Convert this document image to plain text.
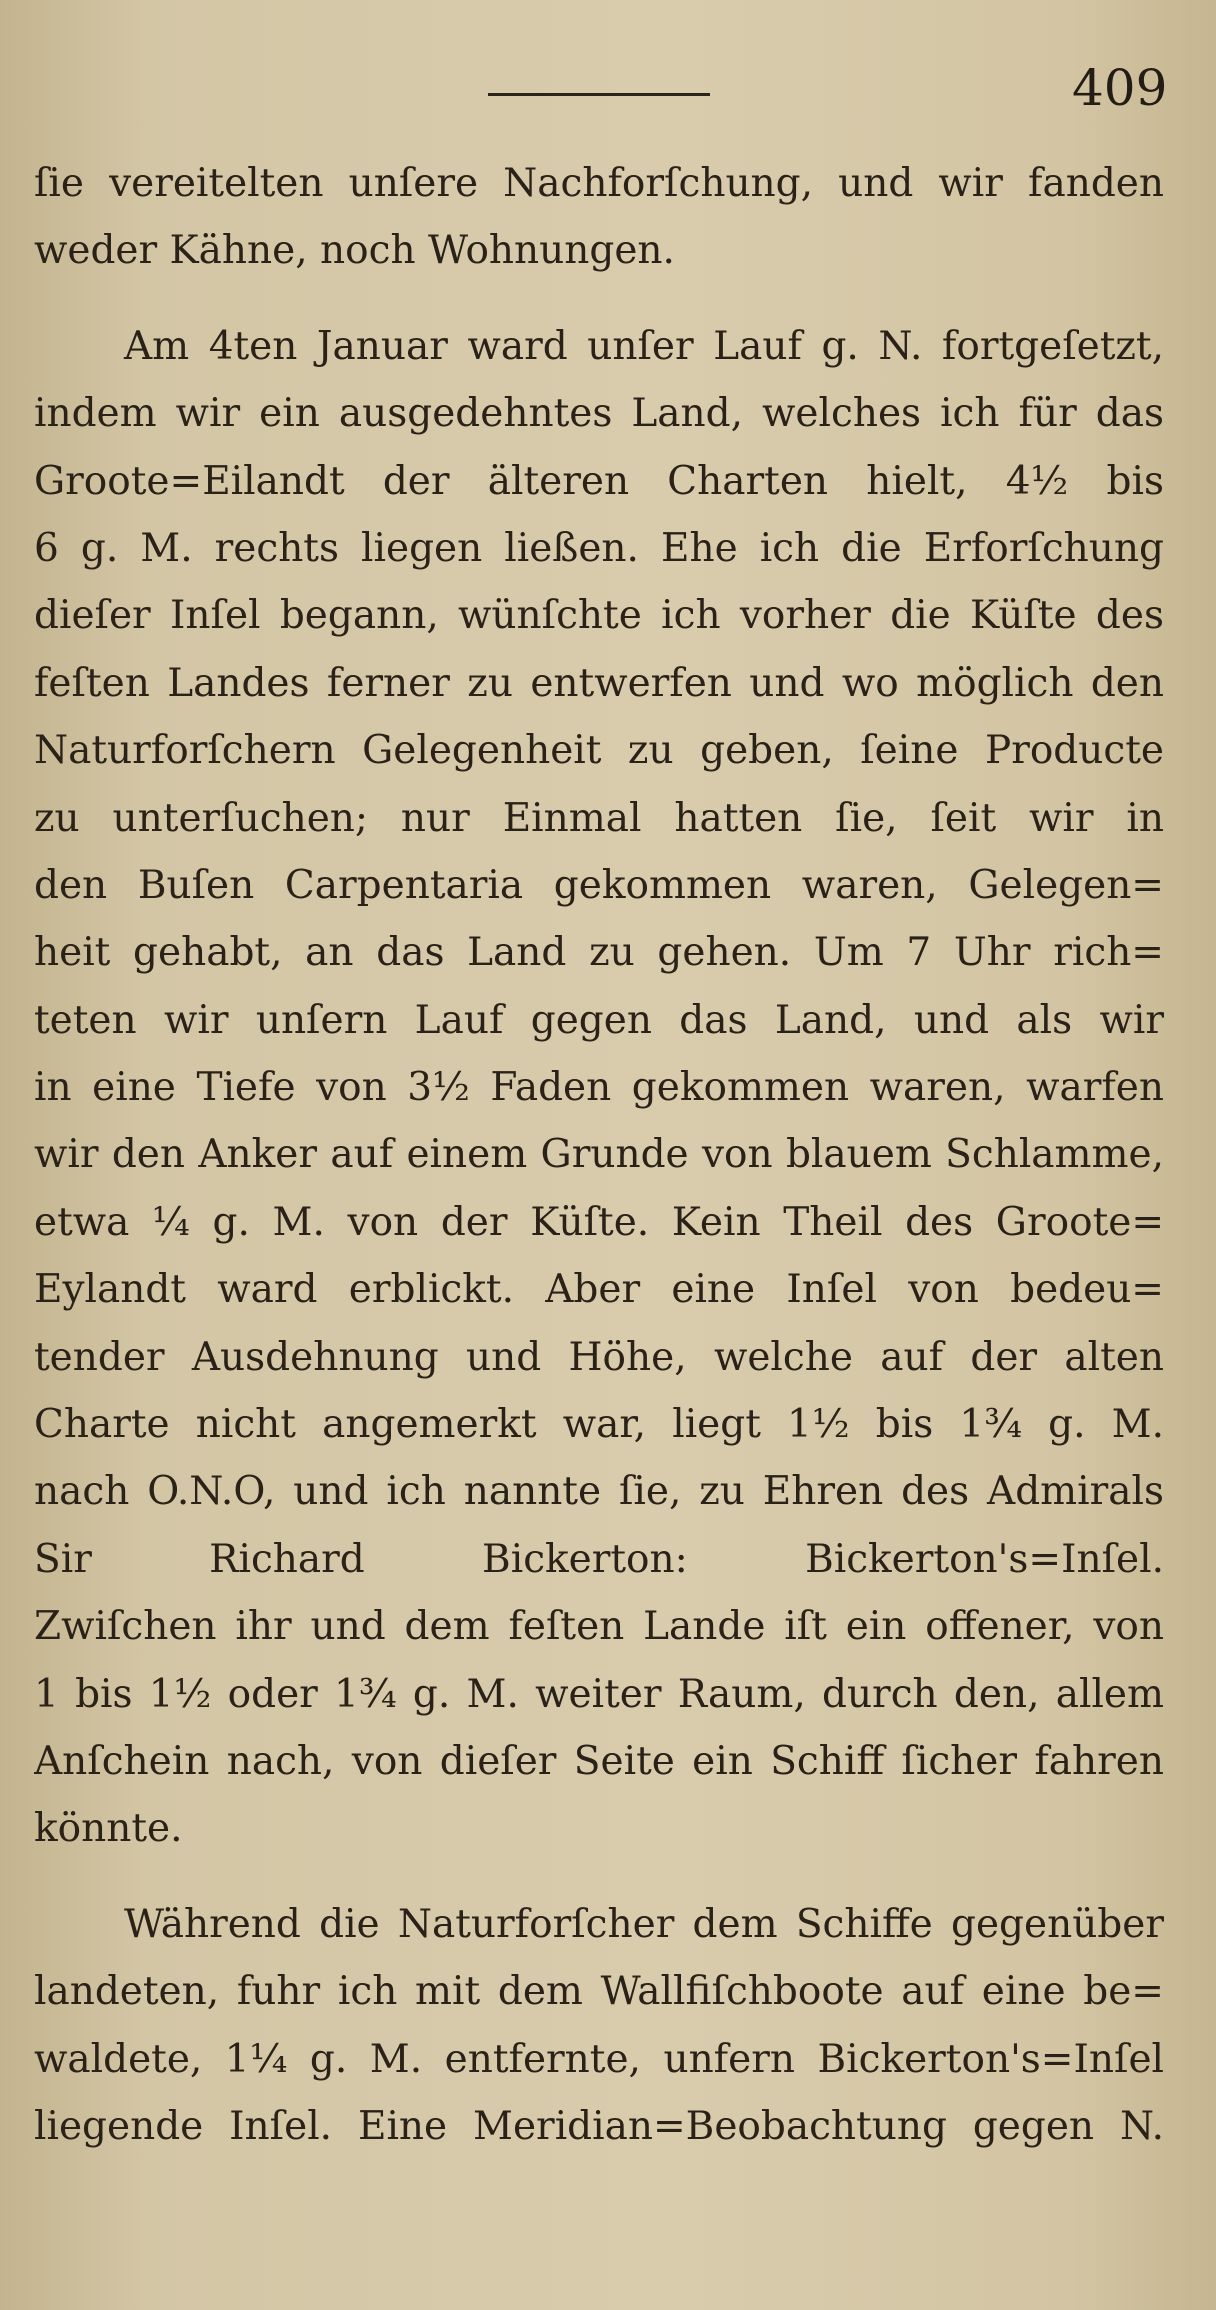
409
ſie vereitelten unſere Nachforſchung, und wir fanden
weder Kähne, noch Wohnungen.
Am 4ten Januar ward unſer Lauf g. N. fortgeſetzt,
indem wir ein ausgedehntes Land, welches ich für das
Groote=Eilandt der älteren Charten hielt, 4½ bis
6 g. M. rechts liegen ließen. Ehe ich die Erforſchung
dieſer Inſel begann, wünſchte ich vorher die Küſte des
feſten Landes ferner zu entwerfen und wo möglich den
Naturforſchern Gelegenheit zu geben, ſeine Producte
zu unterſuchen; nur Einmal hatten ſie, ſeit wir in
den Buſen Carpentaria gekommen waren, Gelegen=
heit gehabt, an das Land zu gehen. Um 7 Uhr rich=
teten wir unſern Lauf gegen das Land, und als wir
in eine Tiefe von 3½ Faden gekommen waren, warfen
wir den Anker auf einem Grunde von blauem Schlamme,
etwa ¼ g. M. von der Küſte. Kein Theil des Groote=
Eylandt ward erblickt. Aber eine Inſel von bedeu=
tender Ausdehnung und Höhe, welche auf der alten
Charte nicht angemerkt war, liegt 1½ bis 1¾ g. M.
nach O.N.O, und ich nannte ſie, zu Ehren des Admirals
Sir Richard Bickerton: Bickerton's=Inſel.
Zwiſchen ihr und dem feſten Lande iſt ein offener, von
1 bis 1½ oder 1¾ g. M. weiter Raum, durch den, allem
Anſchein nach, von dieſer Seite ein Schiff ſicher fahren
könnte.
Während die Naturforſcher dem Schiffe gegenüber
landeten, fuhr ich mit dem Wallfiſchboote auf eine be=
waldete, 1¼ g. M. entfernte, unfern Bickerton's=Inſel
liegende Inſel. Eine Meridian=Beobachtung gegen N.
